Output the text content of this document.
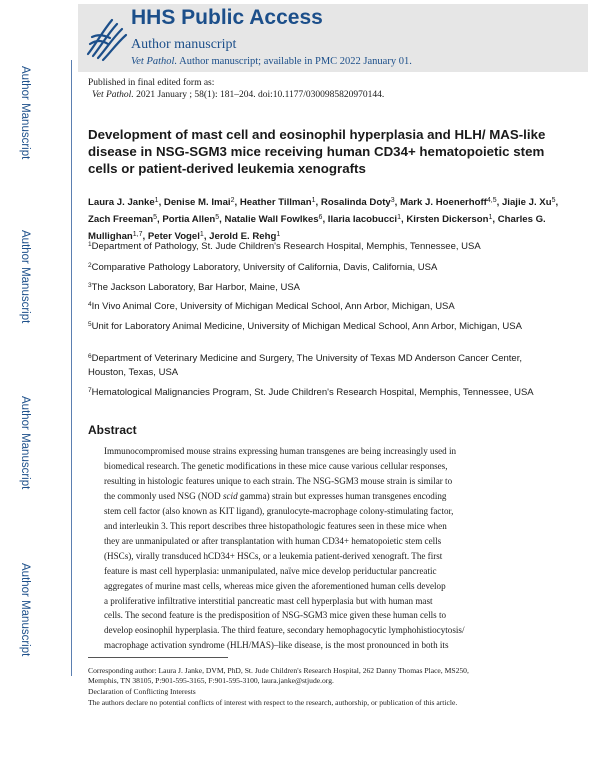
HHS Public Access
Author manuscript
Vet Pathol. Author manuscript; available in PMC 2022 January 01.
Author Manuscript
Author Manuscript
Author Manuscript
Author Manuscript
Published in final edited form as:
Vet Pathol. 2021 January ; 58(1): 181–204. doi:10.1177/0300985820970144.
Development of mast cell and eosinophil hyperplasia and HLH/ MAS-like disease in NSG-SGM3 mice receiving human CD34+ hematopoietic stem cells or patient-derived leukemia xenografts
Laura J. Janke$^1$, Denise M. Imai$^2$, Heather Tillman$^1$, Rosalinda Doty$^3$, Mark J. Hoenerhoff$^{4,5}$, Jiajie J. Xu$^5$, Zach Freeman$^5$, Portia Allen$^5$, Natalie Wall Fowlkes$^6$, Ilaria Iacobucci$^1$, Kirsten Dickerson$^1$, Charles G. Mullighan$^{1,7}$, Peter Vogel$^1$, Jerold E. Rehg$^1$
$^1$Department of Pathology, St. Jude Children's Research Hospital, Memphis, Tennessee, USA
$^2$Comparative Pathology Laboratory, University of California, Davis, California, USA
$^3$The Jackson Laboratory, Bar Harbor, Maine, USA
$^4$In Vivo Animal Core, University of Michigan Medical School, Ann Arbor, Michigan, USA
$^5$Unit for Laboratory Animal Medicine, University of Michigan Medical School, Ann Arbor, Michigan, USA
$^6$Department of Veterinary Medicine and Surgery, The University of Texas MD Anderson Cancer Center, Houston, Texas, USA
$^7$Hematological Malignancies Program, St. Jude Children's Research Hospital, Memphis, Tennessee, USA
Abstract
Immunocompromised mouse strains expressing human transgenes are being increasingly used in
biomedical research. The genetic modifications in these mice cause various cellular responses,
resulting in histologic features unique to each strain. The NSG-SGM3 mouse strain is similar to
the commonly used NSG (NOD scid gamma) strain but expresses human transgenes encoding
stem cell factor (also known as KIT ligand), granulocyte-macrophage colony-stimulating factor,
and interleukin 3. This report describes three histopathologic features seen in these mice when
they are unmanipulated or after transplantation with human CD34+ hematopoietic stem cells
(HSCs), virally transduced hCD34+ HSCs, or a leukemia patient-derived xenograft. The first
feature is mast cell hyperplasia: unmanipulated, naïve mice develop periductular pancreatic
aggregates of murine mast cells, whereas mice given the aforementioned human cells develop
a proliferative infiltrative interstitial pancreatic mast cell hyperplasia but with human mast
cells. The second feature is the predisposition of NSG-SGM3 mice given these human cells to
develop eosinophil hyperplasia. The third feature, secondary hemophagocytic lymphohistiocytosis/
macrophage activation syndrome (HLH/MAS)–like disease, is the most pronounced in both its
Corresponding author: Laura J. Janke, DVM, PhD, St. Jude Children's Research Hospital, 262 Danny Thomas Place, MS250,
Memphis, TN 38105, P:901-595-3165, F:901-595-3100, laura.janke@stjude.org.
Declaration of Conflicting Interests
The authors declare no potential conflicts of interest with respect to the research, authorship, or publication of this article.
